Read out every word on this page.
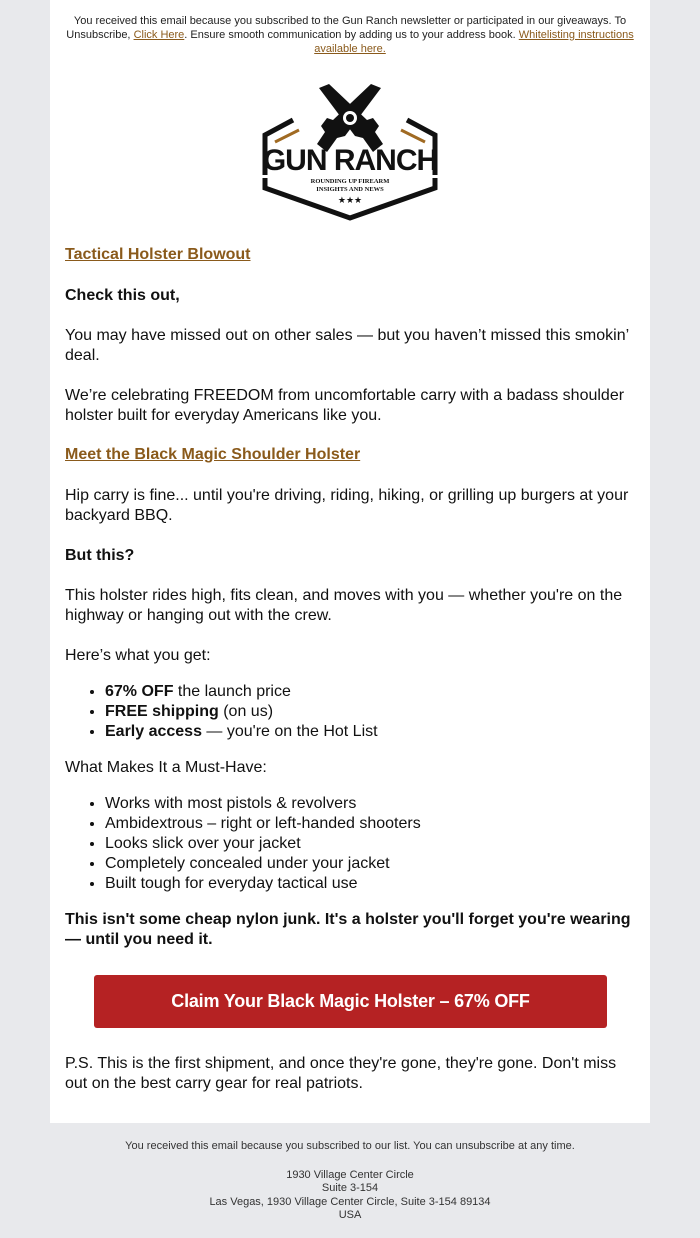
You received this email because you subscribed to the Gun Ranch newsletter or participated in our giveaways. To Unsubscribe, Click Here. Ensure smooth communication by adding us to your address book. Whitelisting instructions available here.
GUN RANCH
ROUNDING UP FIREARM
INSIGHTS AND NEWS
★★★
Tactical Holster Blowout
Check this out,
You may have missed out on other sales — but you haven’t missed this smokin’ deal.
We’re celebrating FREEDOM from uncomfortable carry with a badass shoulder holster built for everyday Americans like you.
Meet the Black Magic Shoulder Holster
Hip carry is fine... until you're driving, riding, hiking, or grilling up burgers at your backyard BBQ.
But this?
This holster rides high, fits clean, and moves with you — whether you're on the highway or hanging out with the crew.
Here’s what you get:
• 67% OFF the launch price
• FREE shipping (on us)
• Early access — you're on the Hot List
What Makes It a Must-Have:
• Works with most pistols & revolvers
• Ambidextrous – right or left-handed shooters
• Looks slick over your jacket
• Completely concealed under your jacket
• Built tough for everyday tactical use
This isn't some cheap nylon junk. It's a holster you'll forget you're wearing — until you need it.
Claim Your Black Magic Holster – 67% OFF
P.S. This is the first shipment, and once they're gone, they're gone. Don't miss out on the best carry gear for real patriots.
You received this email because you subscribed to our list. You can unsubscribe at any time.
1930 Village Center Circle
Suite 3-154
Las Vegas, 1930 Village Center Circle, Suite 3-154 89134
USA
